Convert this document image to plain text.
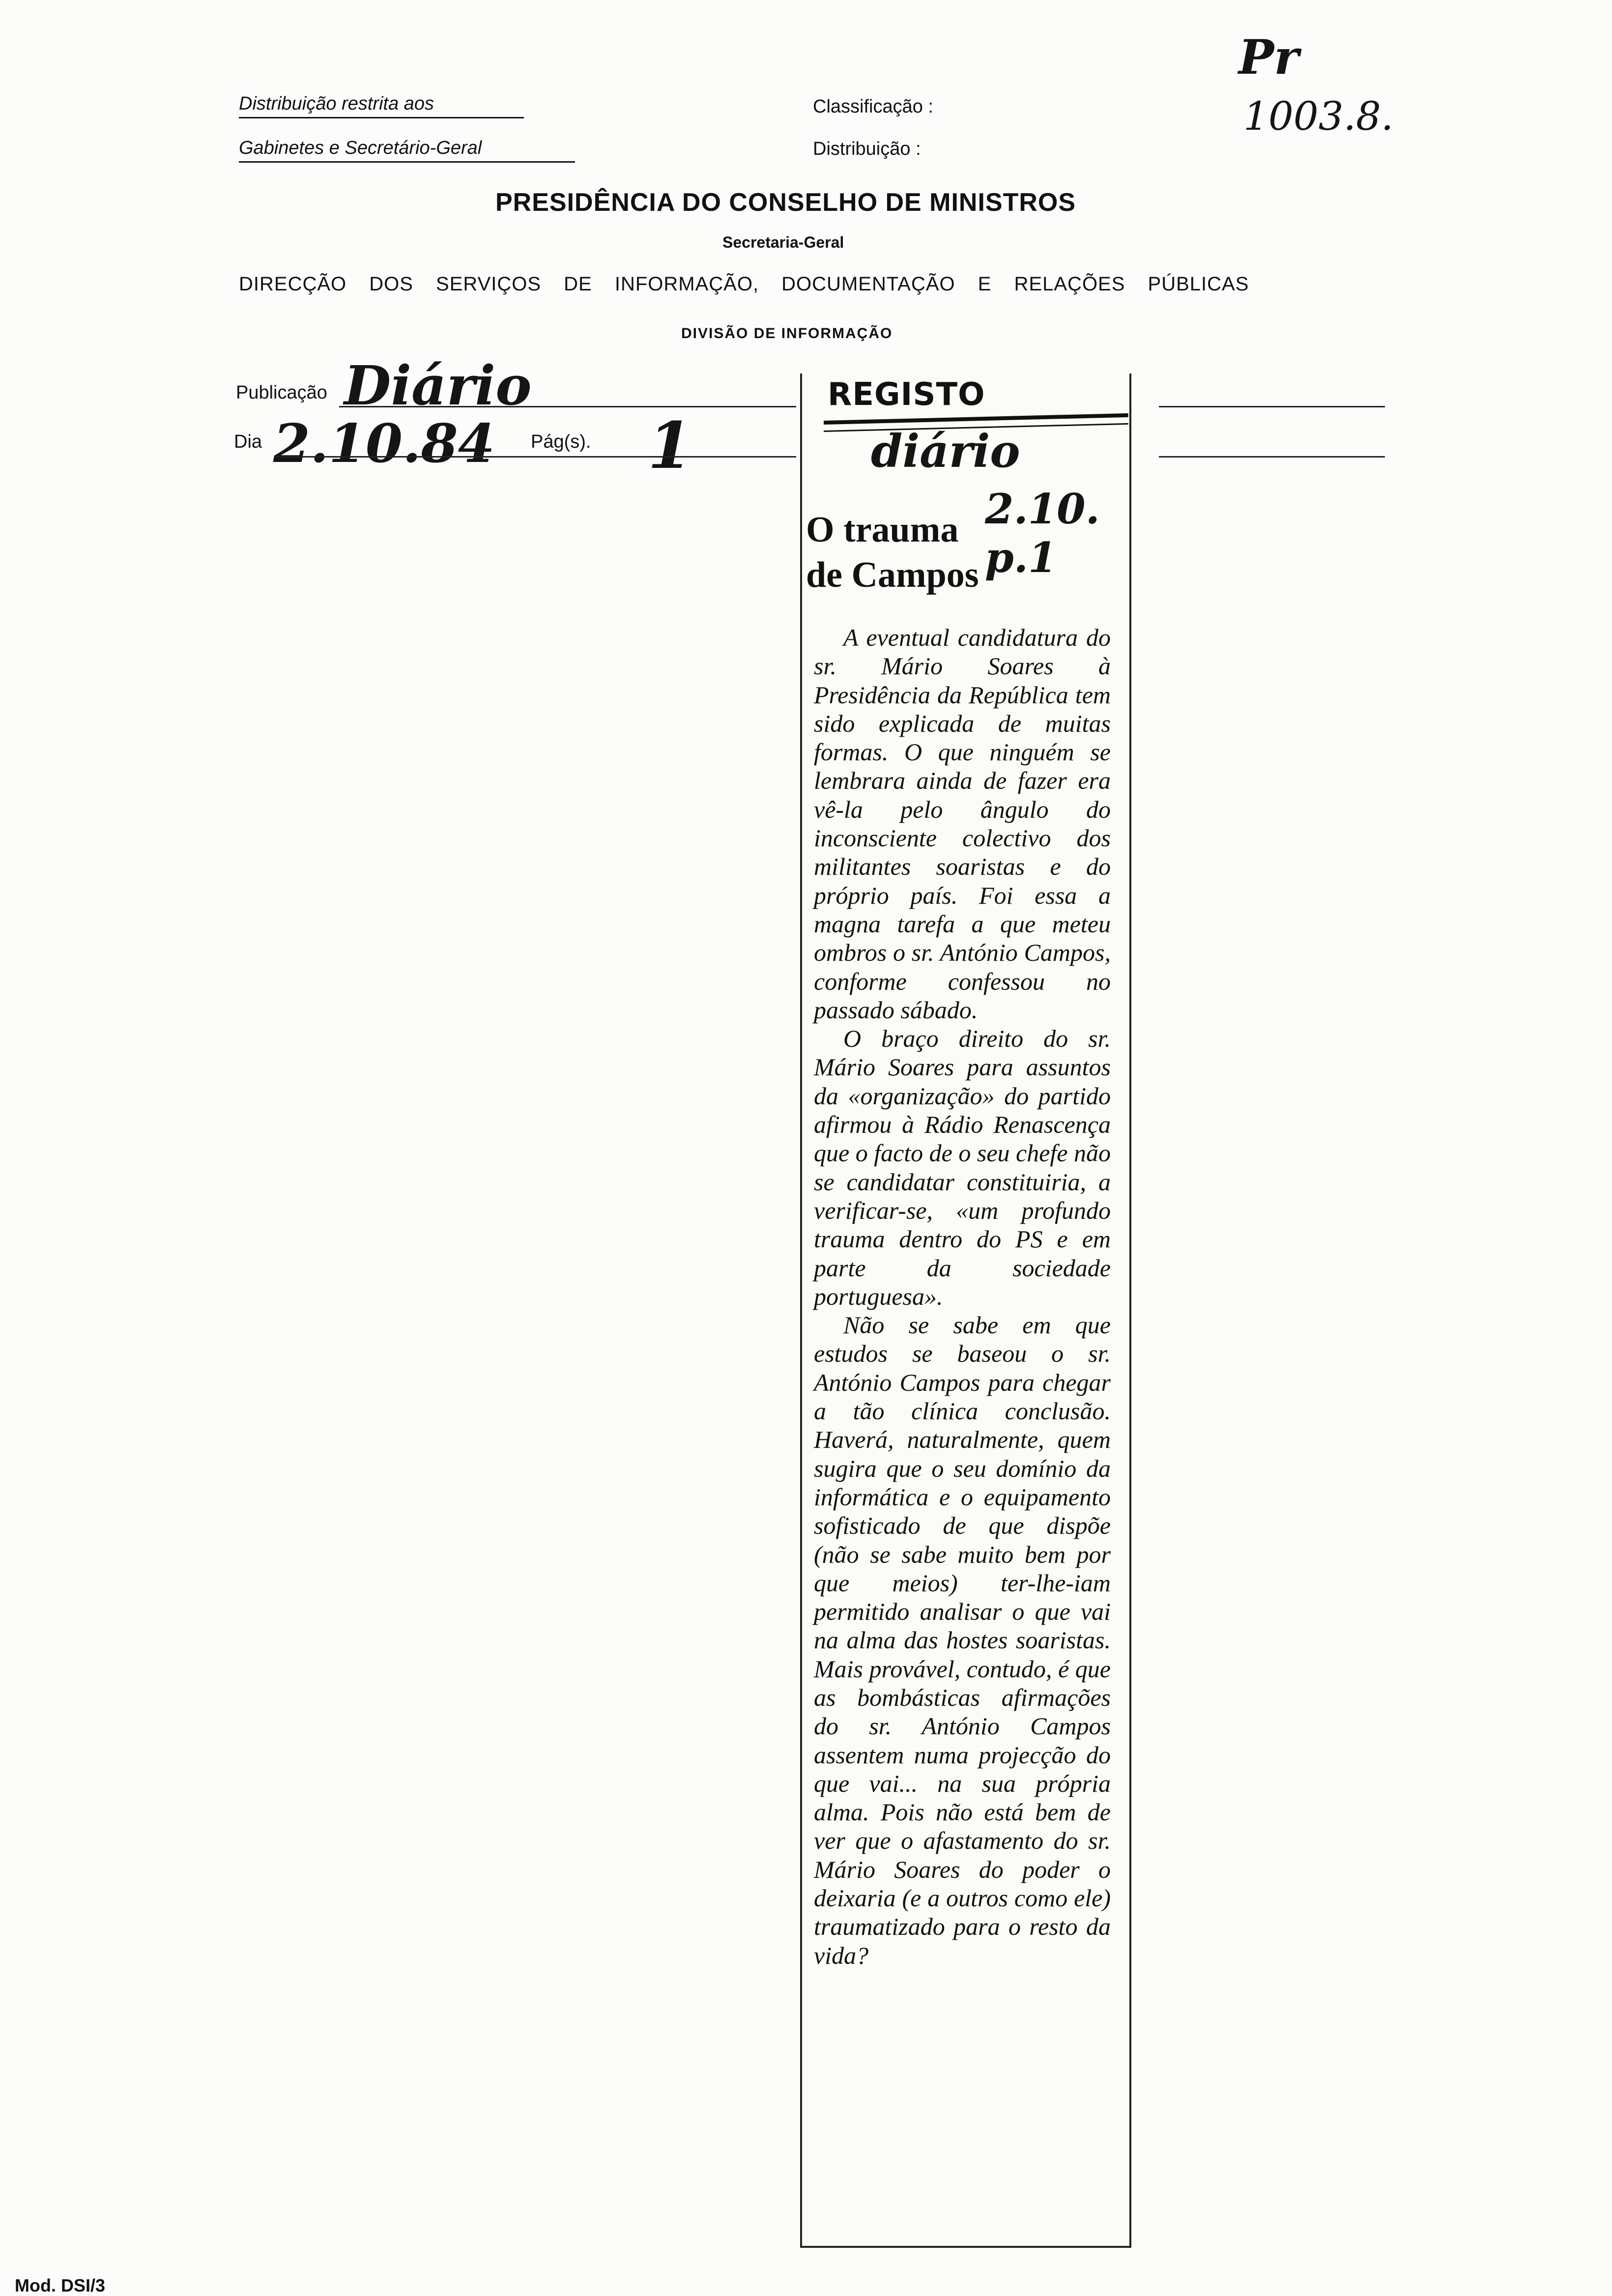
Distribuição restrita aos
Gabinetes e Secretário-Geral
Classificação :
Distribuição :
Pr
1003.8.
PRESIDÊNCIA DO CONSELHO DE MINISTROS
Secretaria-Geral
DIRECÇÃO DOS SERVIÇOS DE INFORMAÇÃO, DOCUMENTAÇÃO E RELAÇÕES PÚBLICAS
DIVISÃO DE INFORMAÇÃO
Publicação Diário
Dia 2.10.84 Pág(s). 1
REGISTO
diário
2.10. p.1
O trauma
de Campos

A eventual candidatura do sr. Mário Soares à Presidência da República tem sido explicada de muitas formas. O que ninguém se lembrara ainda de fazer era vê-la pelo ângulo do inconsciente colectivo dos militantes soaristas e do próprio país. Foi essa a magna tarefa a que meteu ombros o sr. António Campos, conforme confessou no passado sábado.

O braço direito do sr. Mário Soares para assuntos da «organização» do partido afirmou à Rádio Renascença que o facto de o seu chefe não se candidatar constituiria, a verificar-se, «um profundo trauma dentro do PS e em parte da sociedade portuguesa».

Não se sabe em que estudos se baseou o sr. António Campos para chegar a tão clínica conclusão. Haverá, naturalmente, quem sugira que o seu domínio da informática e o equipamento sofisticado de que dispõe (não se sabe muito bem por que meios) ter-lhe-iam permitido analisar o que vai na alma das hostes soaristas. Mais provável, contudo, é que as bombásticas afirmações do sr. António Campos assentem numa projecção do que vai... na sua própria alma. Pois não está bem de ver que o afastamento do sr. Mário Soares do poder o deixaria (e a outros como ele) traumatizado para o resto da vida?

Mod. DSI/3
